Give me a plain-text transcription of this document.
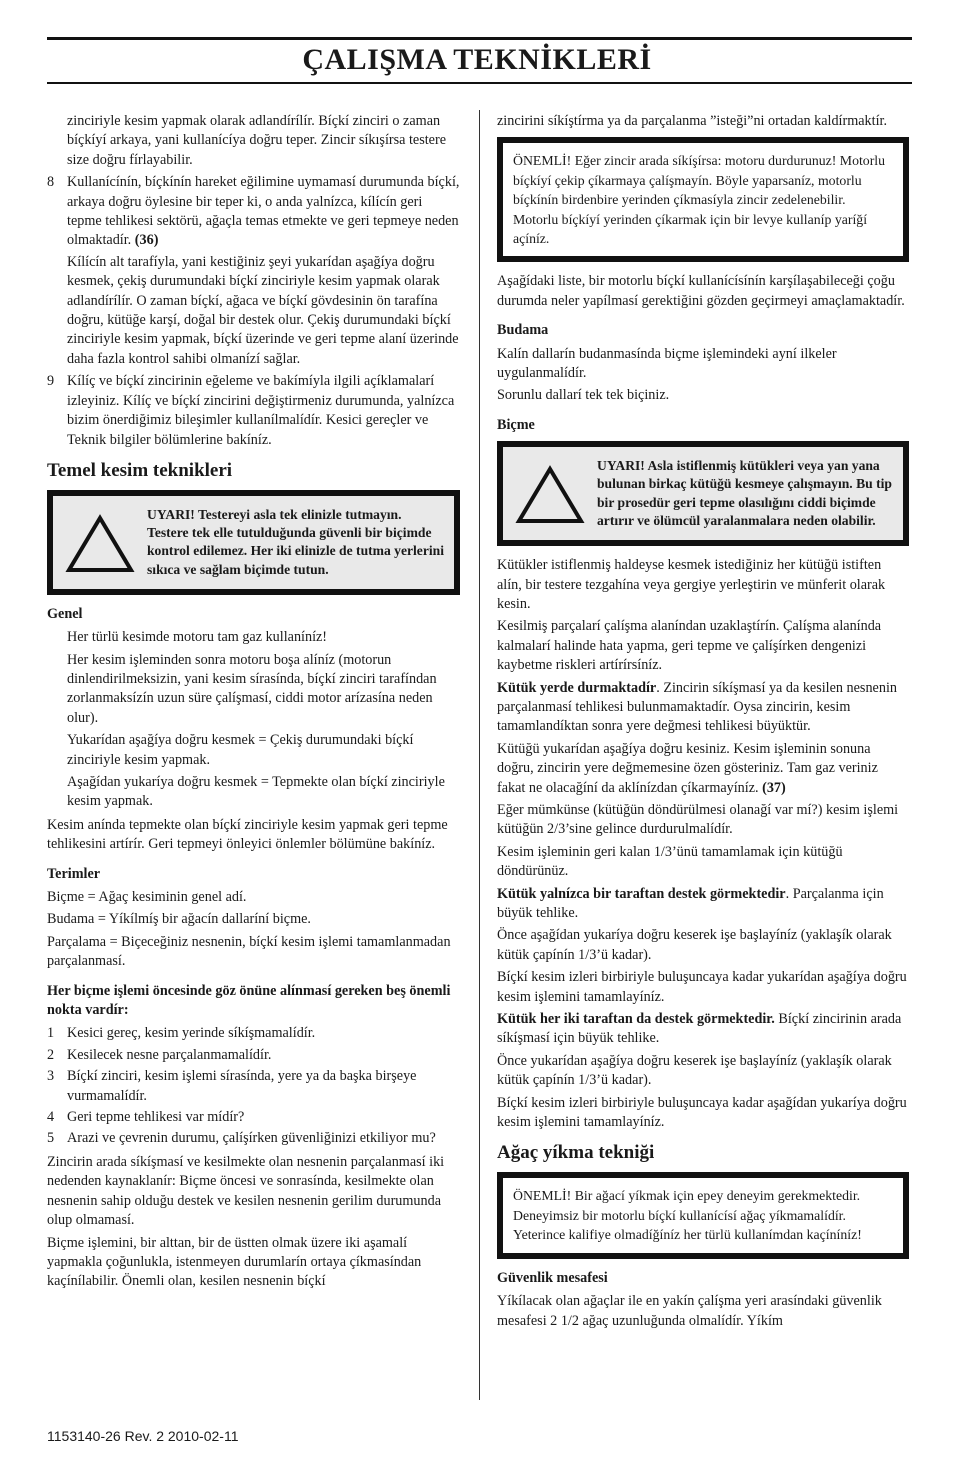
ÇALIŞMA TEKNİKLERİ

zinciriyle kesim yapmak olarak adlandírílír. Bíçkí zinciri o zaman bíçkíyí arkaya, yani kullanícíya doğru teper. Zincir síkışírsa testere size doğru fírlayabilir.

8 Kullanícínín, bíçkínín hareket eğilimine uymamasí durumunda bíçkí, arkaya doğru öylesine bir teper ki, o anda yalnízca, kílícín geri tepme tehlikesi sektörü, ağaçla temas etmekte ve geri tepmeye neden olmaktadír. (36)

Kílícín alt tarafíyla, yani kestiğiniz şeyi yukarídan aşağíya doğru kesmek, çekiş durumundaki bíçkí zinciriyle kesim yapmak olarak adlandírílír. O zaman bíçkí, ağaca ve bíçkí gövdesinin ön tarafína doğru, kütüğe karşí, doğal bir destek olur. Çekiş durumundaki bíçkí zinciriyle kesim yapmak, bíçkí üzerinde ve geri tepme alaní üzerinde daha fazla kontrol sahibi olmanízí sağlar.

9 Kílíç ve bíçkí zincirinin eğeleme ve bakímíyla ilgili açíklamalarí izleyiniz. Kílíç ve bíçkí zincirini değiştirmeniz durumunda, yalnízca bizim önerdiğimiz bileşimler kullanílmalídír. Kesici gereçler ve Teknik bilgiler bölümlerine bakíníz.
Temel kesim teknikleri
UYARI! Testereyi asla tek elinizle tutmayın. Testere tek elle tutulduğunda güvenli bir biçimde kontrol edilemez. Her iki elinizle de tutma yerlerini sıkıca ve sağlam biçimde tutun.
Genel

Her türlü kesimde motoru tam gaz kullaníníz!

Her kesim işleminden sonra motoru boşa alíníz (motorun dinlendirilmeksizin, yani kesim sírasínda, bíçkí zinciri tarafíndan zorlanmaksízín uzun süre çalíşmasí, ciddi motor arízasína neden olur).

Yukarídan aşağíya doğru kesmek = Çekiş durumundaki bíçkí zinciriyle kesim yapmak.

Aşağídan yukaríya doğru kesmek = Tepmekte olan bíçkí zinciriyle kesim yapmak.

Kesim anínda tepmekte olan bíçkí zinciriyle kesim yapmak geri tepme tehlikesini artírír. Geri tepmeyi önleyici önlemler bölümüne bakíníz.

Terimler

Biçme = Ağaç kesiminin genel adí.

Budama = Yíkílmíş bir ağacín dallaríní biçme.

Parçalama = Biçeceğiniz nesnenin, bíçkí kesim işlemi tamamlanmadan parçalanmasí.

Her biçme işlemi öncesinde göz önüne alínmasí gereken beş önemli nokta vardír:
1 Kesici gereç, kesim yerinde síkíşmamalídír.
2 Kesilecek nesne parçalanmamalídír.
3 Bíçkí zinciri, kesim işlemi sírasínda, yere ya da başka birşeye vurmamalídír.
4 Geri tepme tehlikesi var mídír?
5 Arazi ve çevrenin durumu, çalíşírken güvenliğinizi etkiliyor mu?

Zincirin arada síkíşmasí ve kesilmekte olan nesnenin parçalanmasí iki nedenden kaynaklanír: Biçme öncesi ve sonrasínda, kesilmekte olan nesnenin sahip olduğu destek ve kesilen nesnenin gerilim durumunda olup olmamasí.

Biçme işlemini, bir alttan, bir de üstten olmak üzere iki aşamalí yapmakla çoğunlukla, istenmeyen durumlarín ortaya çíkmasíndan kaçínílabilir. Önemli olan, kesilen nesnenin bíçkí

zincirini síkíştírma ya da parçalanma ”isteği”ni ortadan kaldírmaktír.

ÖNEMLİ! Eğer zincir arada síkíşírsa: motoru durdurunuz! Motorlu bíçkíyí çekip çíkarmaya çalíşmayín. Böyle yaparsaníz, motorlu bíçkínín birdenbire yerinden çíkmasíyla zincir zedelenebilir. Motorlu bíçkíyí yerinden çíkarmak için bir levye kullaníp yaríğí açíníz.

Aşağídaki liste, bir motorlu bíçkí kullanícísínín karşílaşabileceği çoğu durumda neler yapílmasí gerektiğini gözden geçirmeyi amaçlamaktadír.

Budama

Kalín dallarín budanmasínda biçme işlemindeki ayní ilkeler uygulanmalídír.

Sorunlu dallarí tek tek biçiniz.

Biçme
UYARI! Asla istiflenmiş kütükleri veya yan yana bulunan birkaç kütüğü kesmeye çalışmayın. Bu tip bir prosedür geri tepme olasılığını ciddi biçimde artırır ve ölümcül yaralanmalara neden olabilir.

Kütükler istiflenmiş haldeyse kesmek istediğiniz her kütüğü istiften alín, bir testere tezgahína veya gergiye yerleştirin ve münferit olarak kesin.

Kesilmiş parçalarí çalíşma alaníndan uzaklaştírín. Çalíşma alanínda kalmalarí halinde hata yapma, geri tepme ve çalíşírken dengenizi kaybetme riskleri artírírsíníz.

Kütük yerde durmaktadír. Zincirin síkíşmasí ya da kesilen nesnenin parçalanmasí tehlikesi bulunmamaktadír. Oysa zincirin, kesim tamamlandíktan sonra yere değmesi tehlikesi büyüktür.

Kütüğü yukarídan aşağíya doğru kesiniz. Kesim işleminin sonuna doğru, zincirin yere değmemesine özen gösteriniz. Tam gaz veriniz fakat ne olacağíní da aklínízdan çíkarmayíníz. (37)

Eğer mümkünse (kütüğün döndürülmesi olanağí var mí?) kesim işlemi kütüğün 2/3’sine gelince durdurulmalídír.

Kesim işleminin geri kalan 1/3’ünü tamamlamak için kütüğü döndürünüz.

Kütük yalnízca bir taraftan destek görmektedir. Parçalanma için büyük tehlike.

Önce aşağídan yukaríya doğru keserek işe başlayíníz (yaklaşík olarak kütük çapínín 1/3’ü kadar).

Bíçkí kesim izleri birbiriyle buluşuncaya kadar yukarídan aşağíya doğru kesim işlemini tamamlayíníz.

Kütük her iki taraftan da destek görmektedir. Bíçkí zincirinin arada síkíşmasí için büyük tehlike.

Önce yukarídan aşağíya doğru keserek işe başlayíníz (yaklaşík olarak kütük çapínín 1/3’ü kadar).

Bíçkí kesim izleri birbiriyle buluşuncaya kadar aşağídan yukaríya doğru kesim işlemini tamamlayíníz.

Ağaç yíkma tekniği
ÖNEMLİ! Bir ağací yíkmak için epey deneyim gerekmektedir. Deneyimsiz bir motorlu bíçkí kullanícísí ağaç yíkmamalídír. Yeterince kalifiye olmadíğíníz her türlü kullanímdan kaçíníníz!
Güvenlik mesafesi

Yíkílacak olan ağaçlar ile en yakín çalíşma yeri arasíndaki güvenlik mesafesi 2 1/2 ağaç uzunluğunda olmalídír. Yíkím

1153140-26 Rev. 2 2010-02-11
